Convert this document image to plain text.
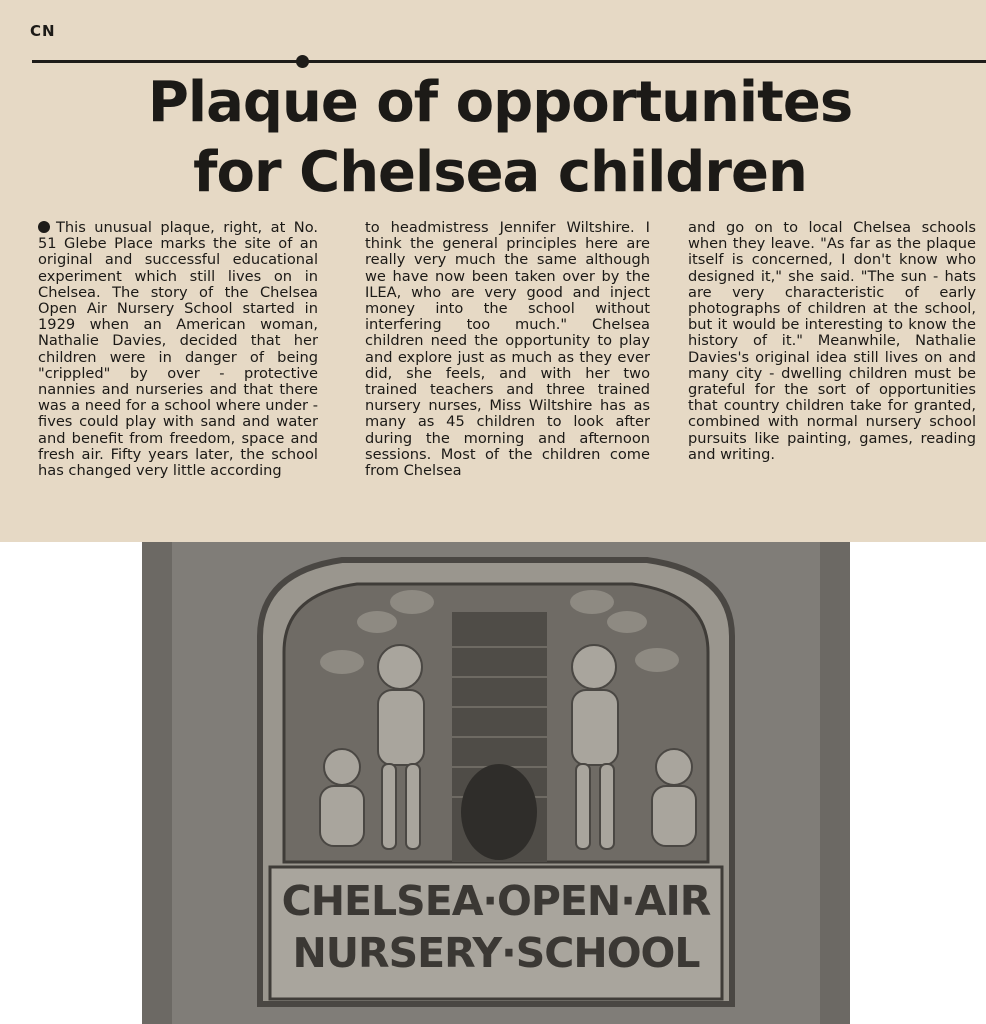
CN
Plaque of opportunites
for Chelsea children
This unusual plaque, right, at No. 51 Glebe Place marks the site of an original and successful educational experiment which still lives on in Chelsea. The story of the Chelsea Open Air Nursery School started in 1929 when an American woman, Nathalie Davies, decided that her children were in danger of being "crippled" by over - protective nannies and nurseries and that there was a need for a school where under - fives could play with sand and water and benefit from freedom, space and fresh air. Fifty years later, the school has changed very little according
to headmistress Jennifer Wiltshire. I think the general principles here are really very much the same although we have now been taken over by the ILEA, who are very good and inject money into the school without interfering too much." Chelsea children need the opportunity to play and explore just as much as they ever did, she feels, and with her two trained teachers and three trained nursery nurses, Miss Wiltshire has as many as 45 children to look after during the morning and afternoon sessions. Most of the children come from Chelsea
and go on to local Chelsea schools when they leave. "As far as the plaque itself is concerned, I don't know who designed it," she said. "The sun - hats are very characteristic of early photographs of children at the school, but it would be interesting to know the history of it." Meanwhile, Nathalie Davies's original idea still lives on and many city - dwelling children must be grateful for the sort of opportunities that country children take for granted, combined with normal nursery school pursuits like painting, games, reading and writing.
CHELSEA·OPEN·AIR
NURSERY·SCHOOL
